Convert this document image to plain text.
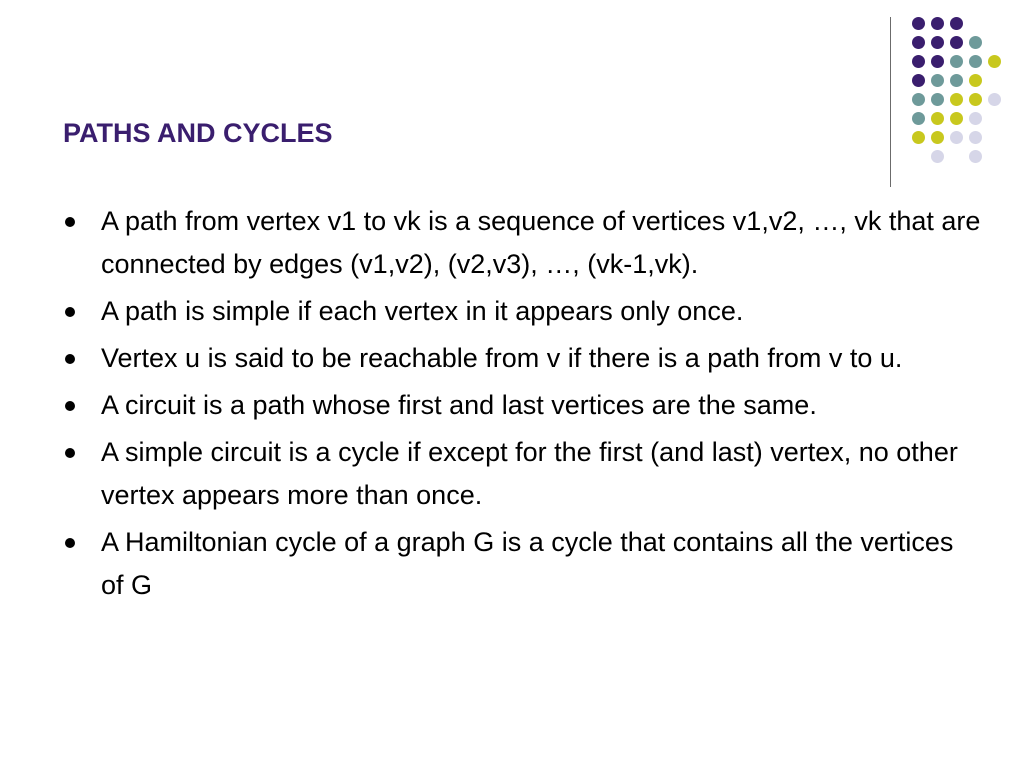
PATHS AND CYCLES
A path from vertex v1 to vk is a sequence of vertices v1,v2, …, vk that are connected by edges (v1,v2), (v2,v3), …, (vk-1,vk).
A path is simple if each vertex in it appears only once.
Vertex u is said to be reachable from v if there is a path from v to u.
A circuit is a path whose first and last vertices are the same.
A simple circuit is a cycle if except for the first (and last) vertex, no other vertex appears more than once.
A Hamiltonian cycle of a graph G is a cycle that contains all the vertices of G
